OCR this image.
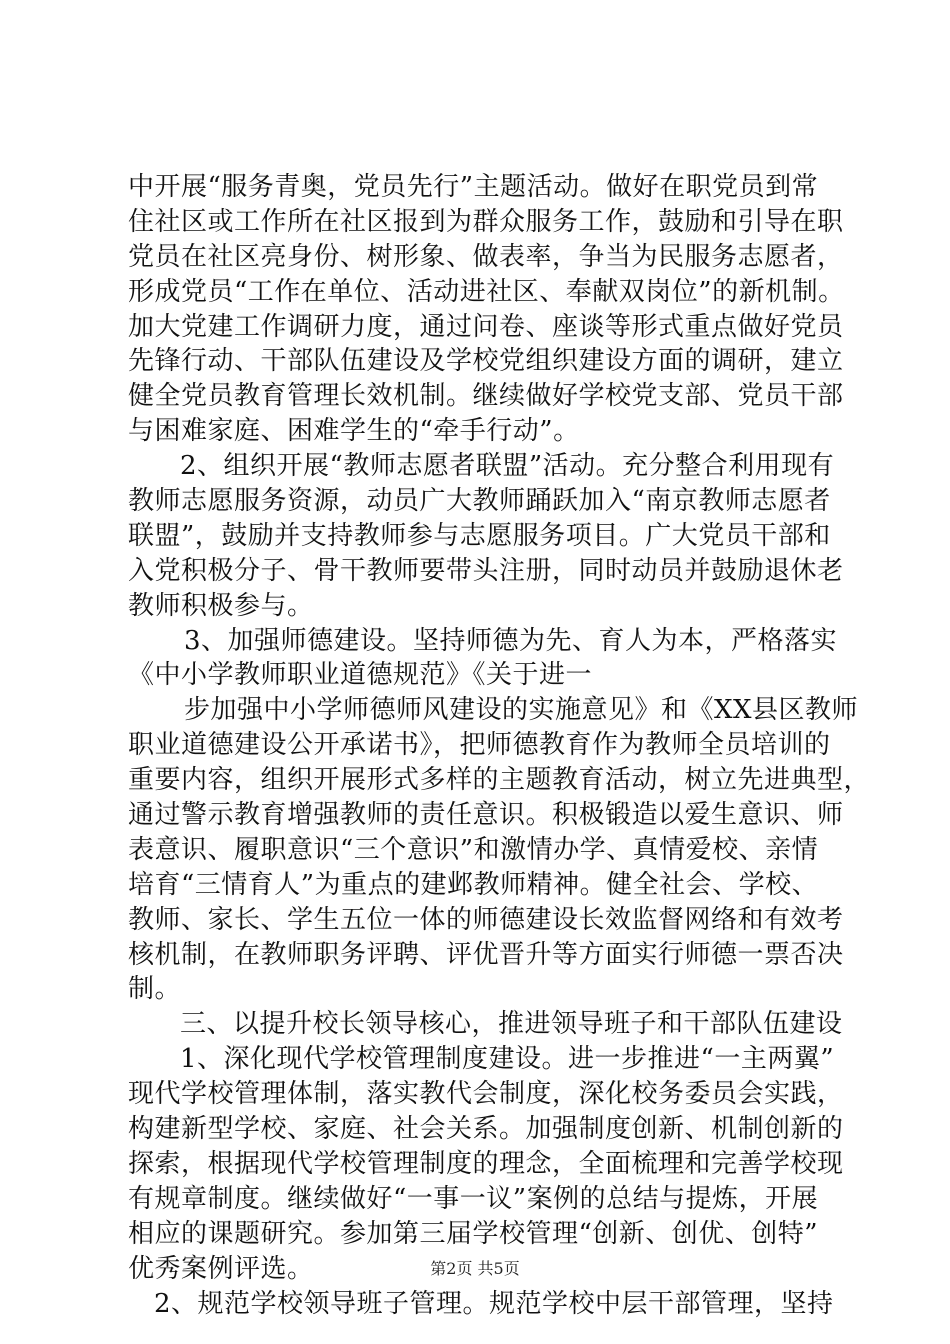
中开展“服务青奥，党员先行”主题活动。做好在职党员到常
住社区或工作所在社区报到为群众服务工作，鼓励和引导在职
党员在社区亮身份、树形象、做表率，争当为民服务志愿者，
形成党员“工作在单位、活动进社区、奉献双岗位”的新机制。
加大党建工作调研力度，通过问卷、座谈等形式重点做好党员
先锋行动、干部队伍建设及学校党组织建设方面的调研，建立
健全党员教育管理长效机制。继续做好学校党支部、党员干部
与困难家庭、困难学生的“牵手行动”。
2、组织开展“教师志愿者联盟”活动。充分整合利用现有
教师志愿服务资源，动员广大教师踊跃加入“南京教师志愿者
联盟”，鼓励并支持教师参与志愿服务项目。广大党员干部和
入党积极分子、骨干教师要带头注册，同时动员并鼓励退休老
教师积极参与。
3、加强师德建设。坚持师德为先、育人为本，严格落实
《中小学教师职业道德规范》《关于进一
步加强中小学师德师风建设的实施意见》和《XX县区教师
职业道德建设公开承诺书》，把师德教育作为教师全员培训的
重要内容，组织开展形式多样的主题教育活动，树立先进典型，
通过警示教育增强教师的责任意识。积极锻造以爱生意识、师
表意识、履职意识“三个意识”和激情办学、真情爱校、亲情
培育“三情育人”为重点的建邺教师精神。健全社会、学校、
教师、家长、学生五位一体的师德建设长效监督网络和有效考
核机制，在教师职务评聘、评优晋升等方面实行师德一票否决
制。
三、以提升校长领导核心，推进领导班子和干部队伍建设
1、深化现代学校管理制度建设。进一步推进“一主两翼”
现代学校管理体制，落实教代会制度，深化校务委员会实践，
构建新型学校、家庭、社会关系。加强制度创新、机制创新的
探索，根据现代学校管理制度的理念，全面梳理和完善学校现
有规章制度。继续做好“一事一议”案例的总结与提炼，开展
相应的课题研究。参加第三届学校管理“创新、创优、创特”
优秀案例评选。
2、规范学校领导班子管理。规范学校中层干部管理，坚持
第2页 共5页
